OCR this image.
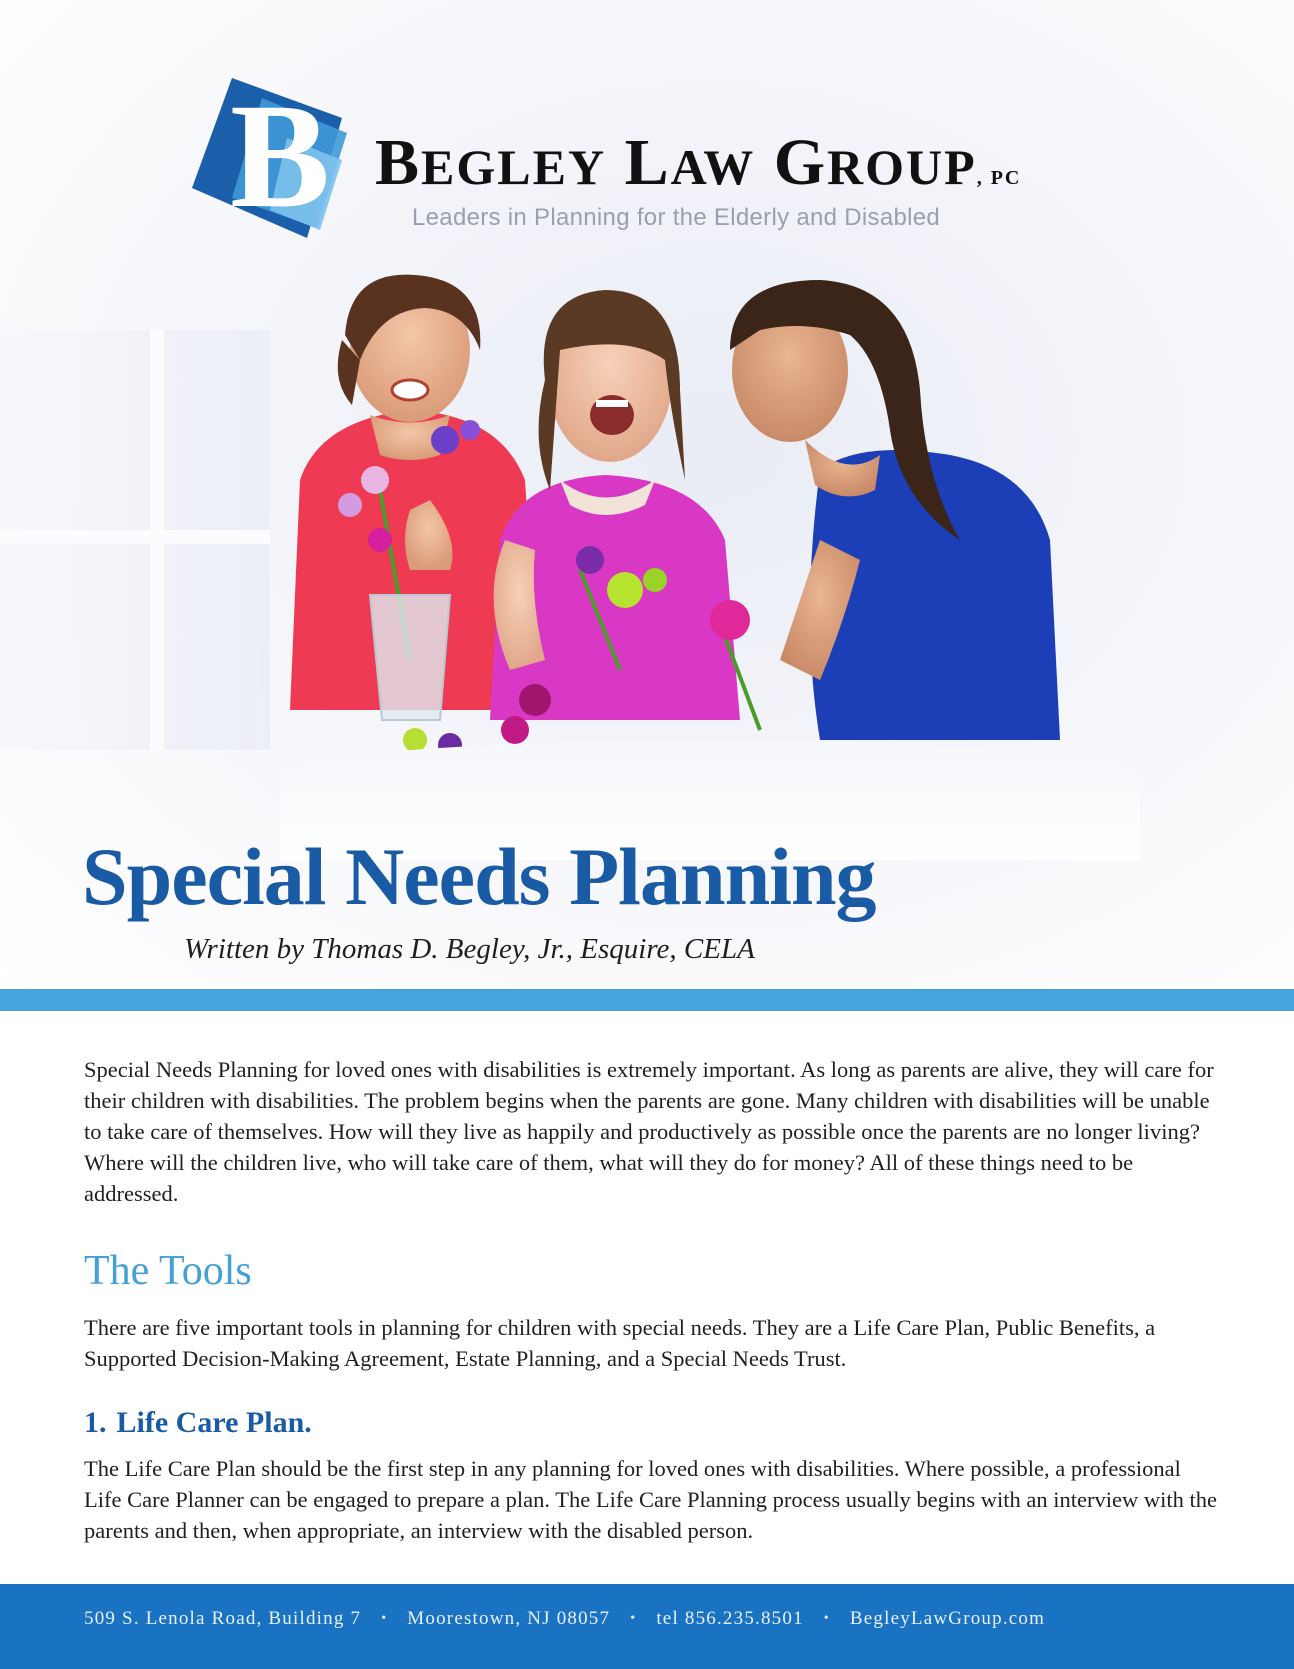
B BEGLEY LAW GROUP, PC

Leaders in Planning for the Elderly and Disabled

Special Needs Planning

Written by Thomas D. Begley, Jr., Esquire, CELA

Special Needs Planning for loved ones with disabilities is extremely important. As long as parents are alive, they will care for their children with disabilities. The problem begins when the parents are gone. Many children with disabilities will be unable to take care of themselves. How will they live as happily and productively as possible once the parents are no longer living? Where will the children live, who will take care of them, what will they do for money? All of these things need to be addressed.

The Tools

There are five important tools in planning for children with special needs. They are a Life Care Plan, Public Benefits, a Supported Decision-Making Agreement, Estate Planning, and a Special Needs Trust.

1. Life Care Plan.

The Life Care Plan should be the first step in any planning for loved ones with disabilities. Where possible, a professional Life Care Planner can be engaged to prepare a plan. The Life Care Planning process usually begins with an interview with the parents and then, when appropriate, an interview with the disabled person.

509 S. Lenola Road, Building 7 • Moorestown, NJ 08057 • tel 856.235.8501 • BegleyLawGroup.com
